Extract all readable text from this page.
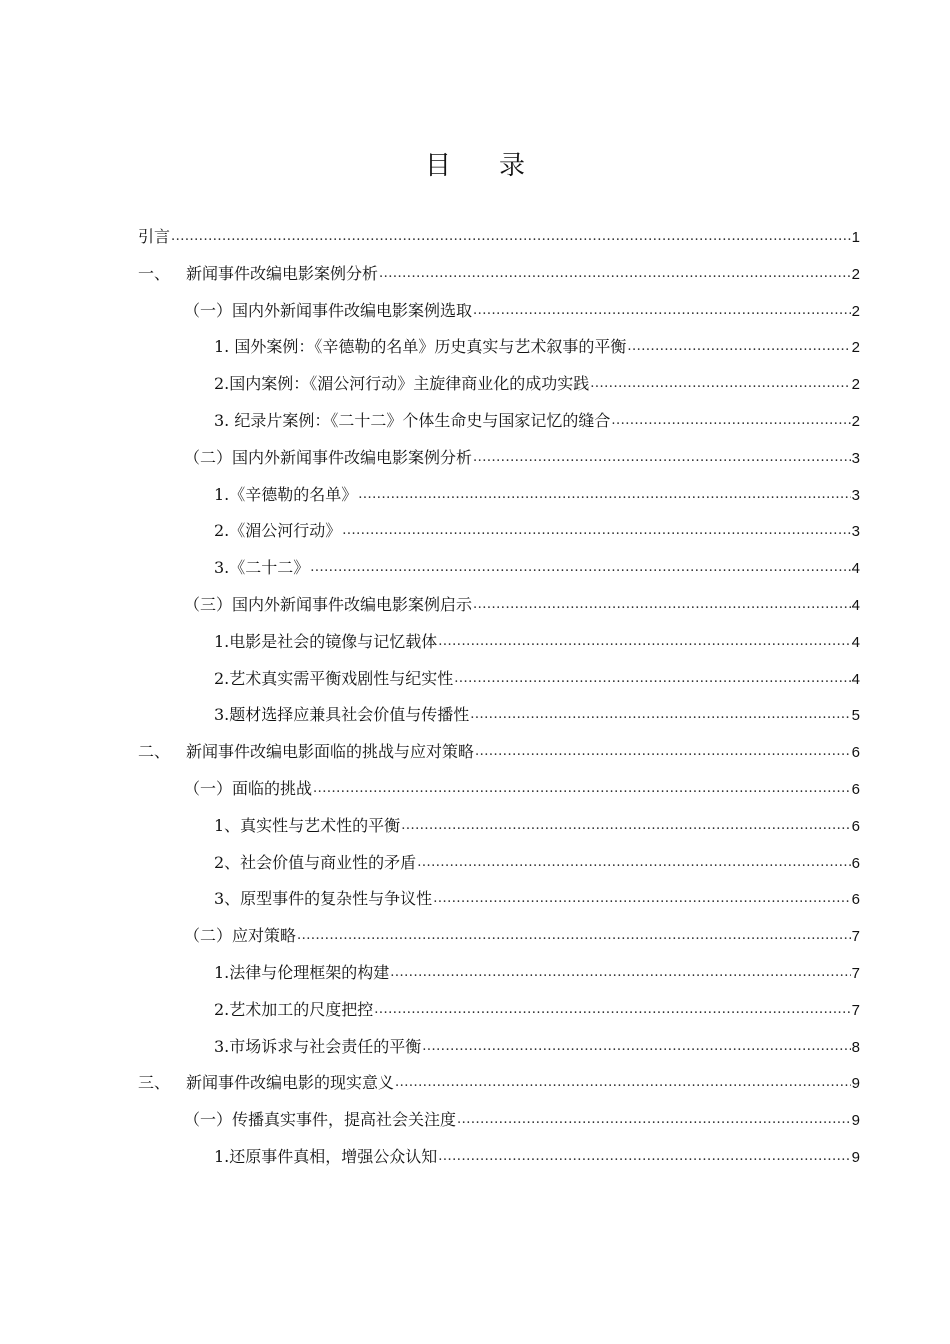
目 录
引言 .....	1
一、 新闻事件改编电影案例分析 .....	2
（一）国内外新闻事件改编电影案例选取 .....	2
1. 国外案例：《辛德勒的名单》历史真实与艺术叙事的平衡 .....	2
2.国内案例：《湄公河行动》主旋律商业化的成功实践 .....	2
3. 纪录片案例：《二十二》个体生命史与国家记忆的缝合 .....	2
（二）国内外新闻事件改编电影案例分析 .....	3
1.《辛德勒的名单》 .....	3
2.《湄公河行动》 .....	3
3.《二十二》 .....	4
（三）国内外新闻事件改编电影案例启示 .....	4
1.电影是社会的镜像与记忆载体 .....	4
2.艺术真实需平衡戏剧性与纪实性 .....	4
3.题材选择应兼具社会价值与传播性 .....	5
二、 新闻事件改编电影面临的挑战与应对策略 .....	6
（一）面临的挑战 .....	6
1、真实性与艺术性的平衡 .....	6
2、社会价值与商业性的矛盾 .....	6
3、原型事件的复杂性与争议性 .....	6
（二）应对策略 .....	7
1.法律与伦理框架的构建 .....	7
2.艺术加工的尺度把控 .....	7
3.市场诉求与社会责任的平衡 .....	8
三、 新闻事件改编电影的现实意义 .....	9
（一）传播真实事件，提高社会关注度 .....	9
1.还原事件真相，增强公众认知 .....	9
